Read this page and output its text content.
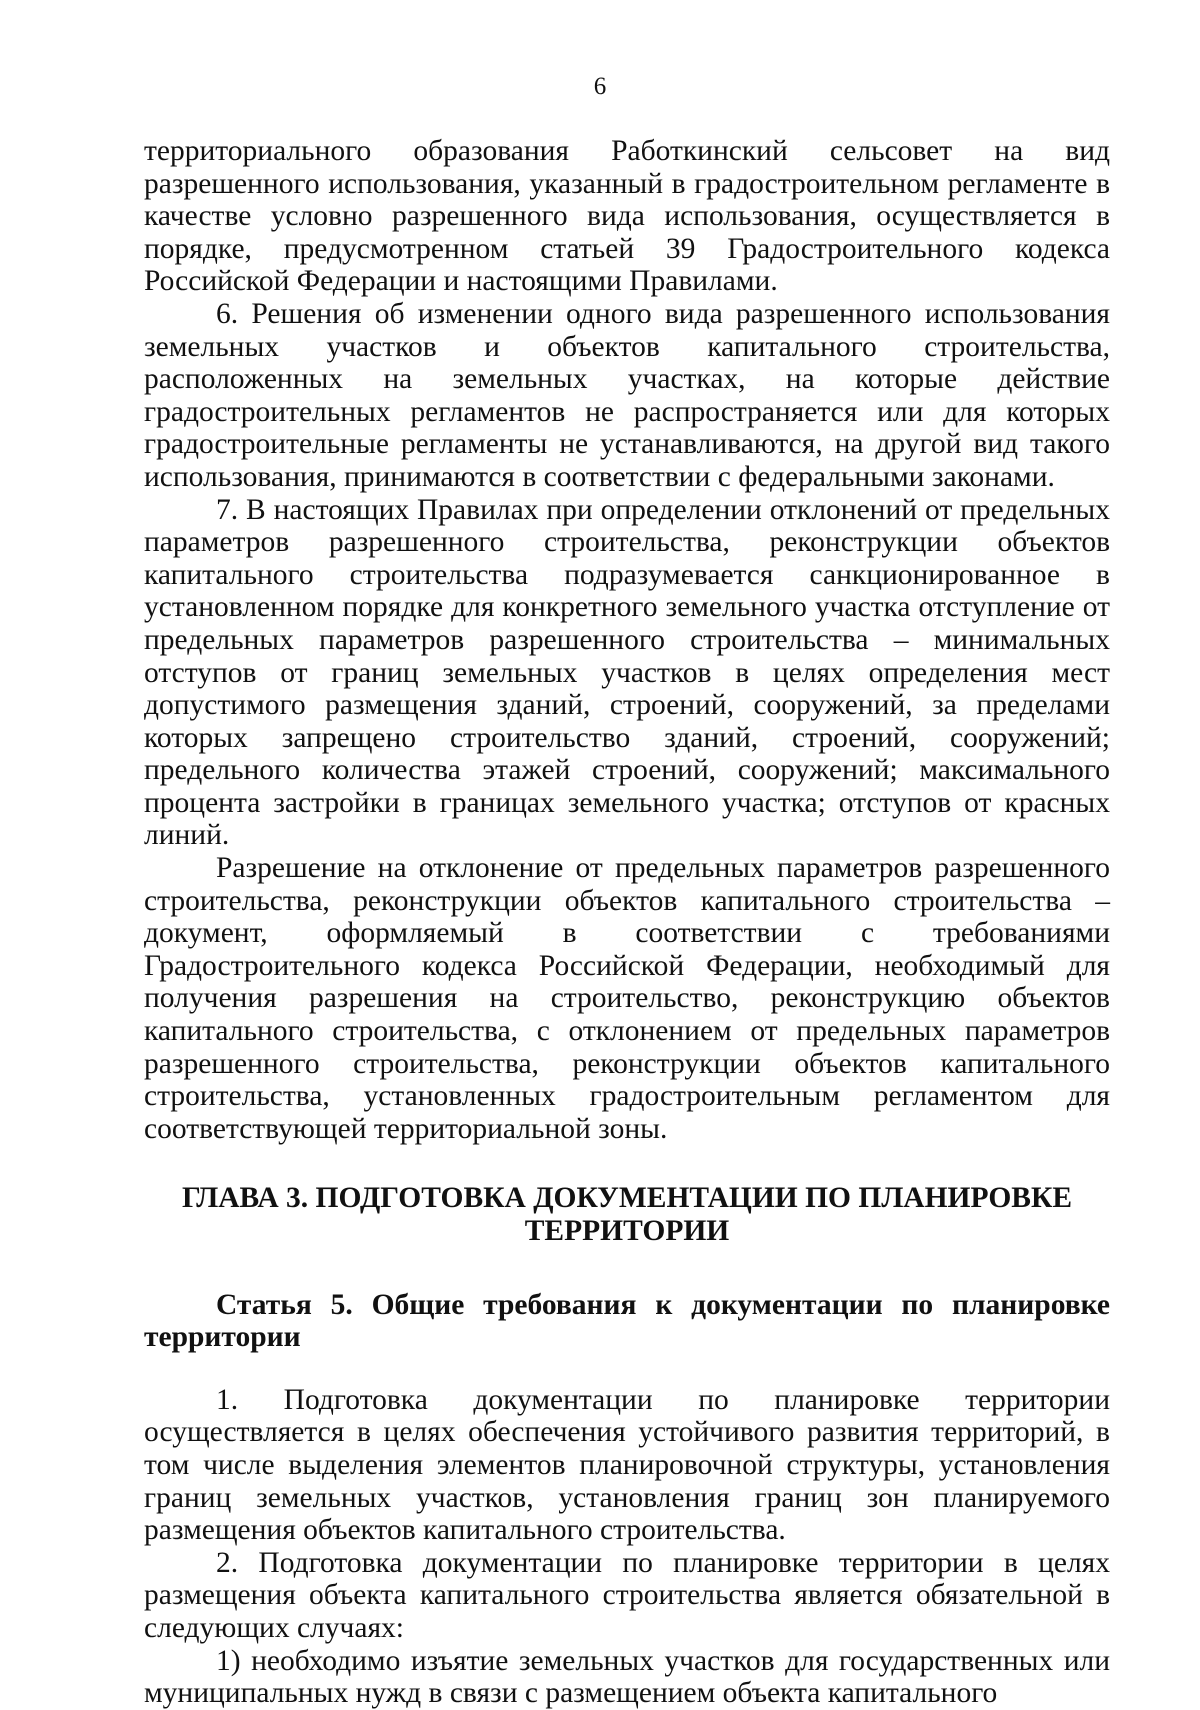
6

территориального образования Работкинский сельсовет на вид разрешенного использования, указанный в градостроительном регламенте в качестве условно разрешенного вида использования, осуществляется в порядке, предусмотренном статьей 39 Градостроительного кодекса Российской Федерации и настоящими Правилами.

6. Решения об изменении одного вида разрешенного использования земельных участков и объектов капитального строительства, расположенных на земельных участках, на которые действие градостроительных регламентов не распространяется или для которых градостроительные регламенты не устанавливаются, на другой вид такого использования, принимаются в соответствии с федеральными законами.

7. В настоящих Правилах при определении отклонений от предельных параметров разрешенного строительства, реконструкции объектов капитального строительства подразумевается санкционированное в установленном порядке для конкретного земельного участка отступление от предельных параметров разрешенного строительства – минимальных отступов от границ земельных участков в целях определения мест допустимого размещения зданий, строений, сооружений, за пределами которых запрещено строительство зданий, строений, сооружений; предельного количества этажей строений, сооружений; максимального процента застройки в границах земельного участка; отступов от красных линий.

Разрешение на отклонение от предельных параметров разрешенного строительства, реконструкции объектов капитального строительства – документ, оформляемый в соответствии с требованиями Градостроительного кодекса Российской Федерации, необходимый для получения разрешения на строительство, реконструкцию объектов капитального строительства, с отклонением от предельных параметров разрешенного строительства, реконструкции объектов капитального строительства, установленных градостроительным регламентом для соответствующей территориальной зоны.

ГЛАВА 3. ПОДГОТОВКА ДОКУМЕНТАЦИИ ПО ПЛАНИРОВКЕ
ТЕРРИТОРИИ

Статья 5. Общие требования к документации по планировке территории

1. Подготовка документации по планировке территории осуществляется в целях обеспечения устойчивого развития территорий, в том числе выделения элементов планировочной структуры, установления границ земельных участков, установления границ зон планируемого размещения объектов капитального строительства.

2. Подготовка документации по планировке территории в целях размещения объекта капитального строительства является обязательной в следующих случаях:

1) необходимо изъятие земельных участков для государственных или муниципальных нужд в связи с размещением объекта капитального
